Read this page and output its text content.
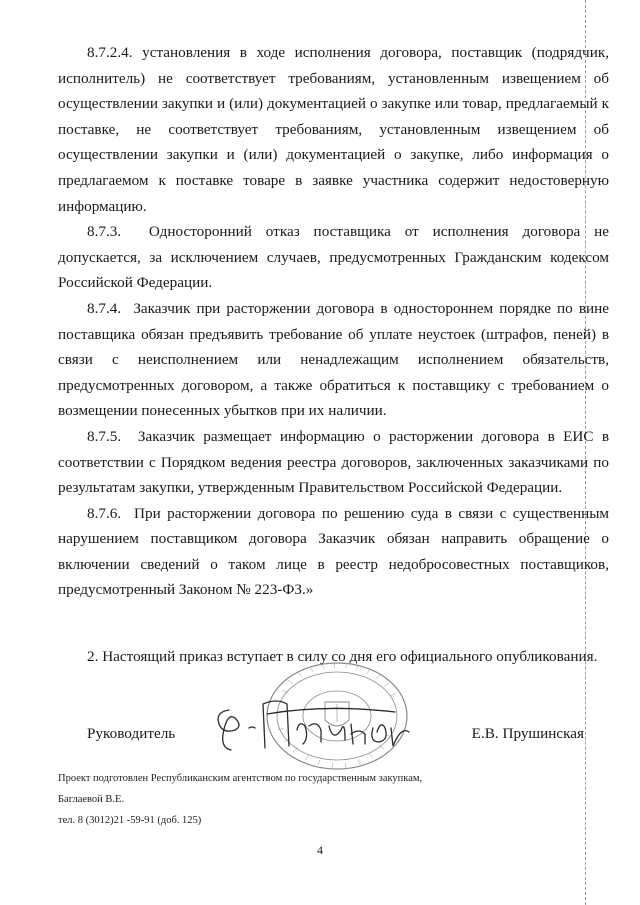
8.7.2.4. установления в ходе исполнения договора, поставщик (подрядчик, исполнитель) не соответствует требованиям, установленным извещением об осуществлении закупки и (или) документацией о закупке или товар, предлагаемый к поставке, не соответствует требованиям, установленным извещением об осуществлении закупки и (или) документацией о закупке, либо информация о предлагаемом к поставке товаре в заявке участника содержит недостоверную информацию.

8.7.3. Односторонний отказ поставщика от исполнения договора не допускается, за исключением случаев, предусмотренных Гражданским кодексом Российской Федерации.

8.7.4. Заказчик при расторжении договора в одностороннем порядке по вине поставщика обязан предъявить требование об уплате неустоек (штрафов, пеней) в связи с неисполнением или ненадлежащим исполнением обязательств, предусмотренных договором, а также обратиться к поставщику с требованием о возмещении понесенных убытков при их наличии.

8.7.5. Заказчик размещает информацию о расторжении договора в ЕИС в соответствии с Порядком ведения реестра договоров, заключенных заказчиками по результатам закупки, утвержденным Правительством Российской Федерации.

8.7.6. При расторжении договора по решению суда в связи с существенным нарушением поставщиком договора Заказчик обязан направить обращение о включении сведений о таком лице в реестр недобросовестных поставщиков, предусмотренный Законом № 223-ФЗ.»

2. Настоящий приказ вступает в силу со дня его официального опубликования.
Руководитель	Е.В. Прушинская
Проект подготовлен Республиканским агентством по государственным закупкам,
Баглаевой В.Е.
тел. 8 (3012)21 -59-91 (доб. 125)
4
